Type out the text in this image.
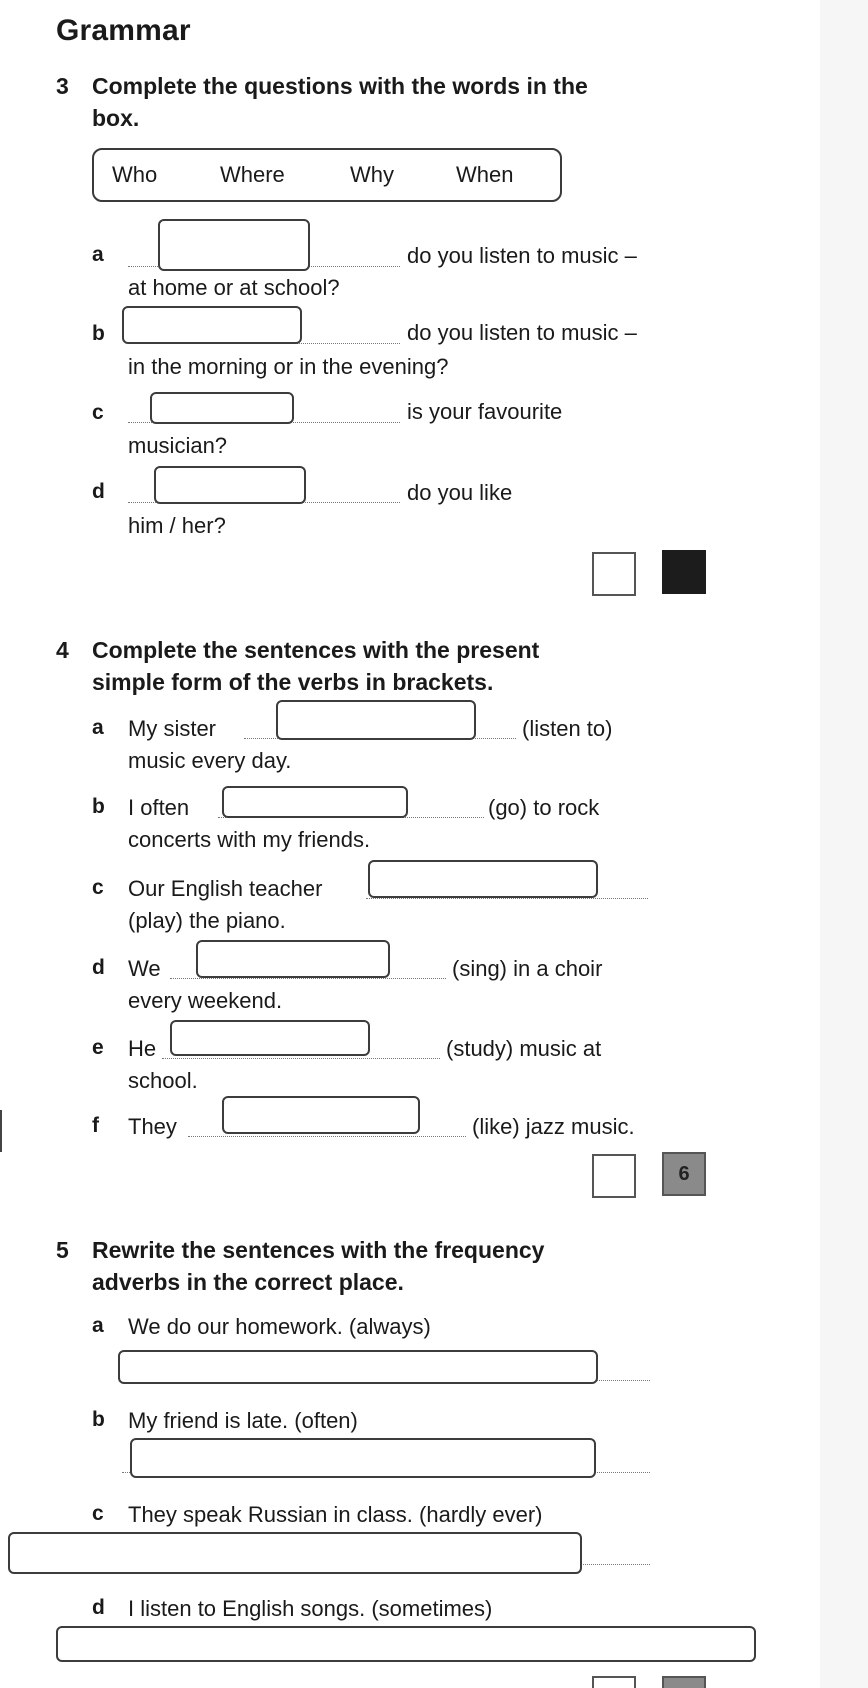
Grammar
3 Complete the questions with the words in the
box.
Who	Where	Why	When
a	do you listen to music –
at home or at school?
b	do you listen to music –
in the morning or in the evening?
c	is your favourite
musician?
d	do you like
him / her?
4 Complete the sentences with the present
simple form of the verbs in brackets.
a My sister	(listen to)
music every day.
b I often	(go) to rock
concerts with my friends.
c Our English teacher
(play) the piano.
d We	(sing) in a choir
every weekend.
e He	(study) music at
school.
f They	(like) jazz music.
6
5 Rewrite the sentences with the frequency
adverbs in the correct place.
a We do our homework. (always)
b My friend is late. (often)
c They speak Russian in class. (hardly ever)
d I listen to English songs. (sometimes)
